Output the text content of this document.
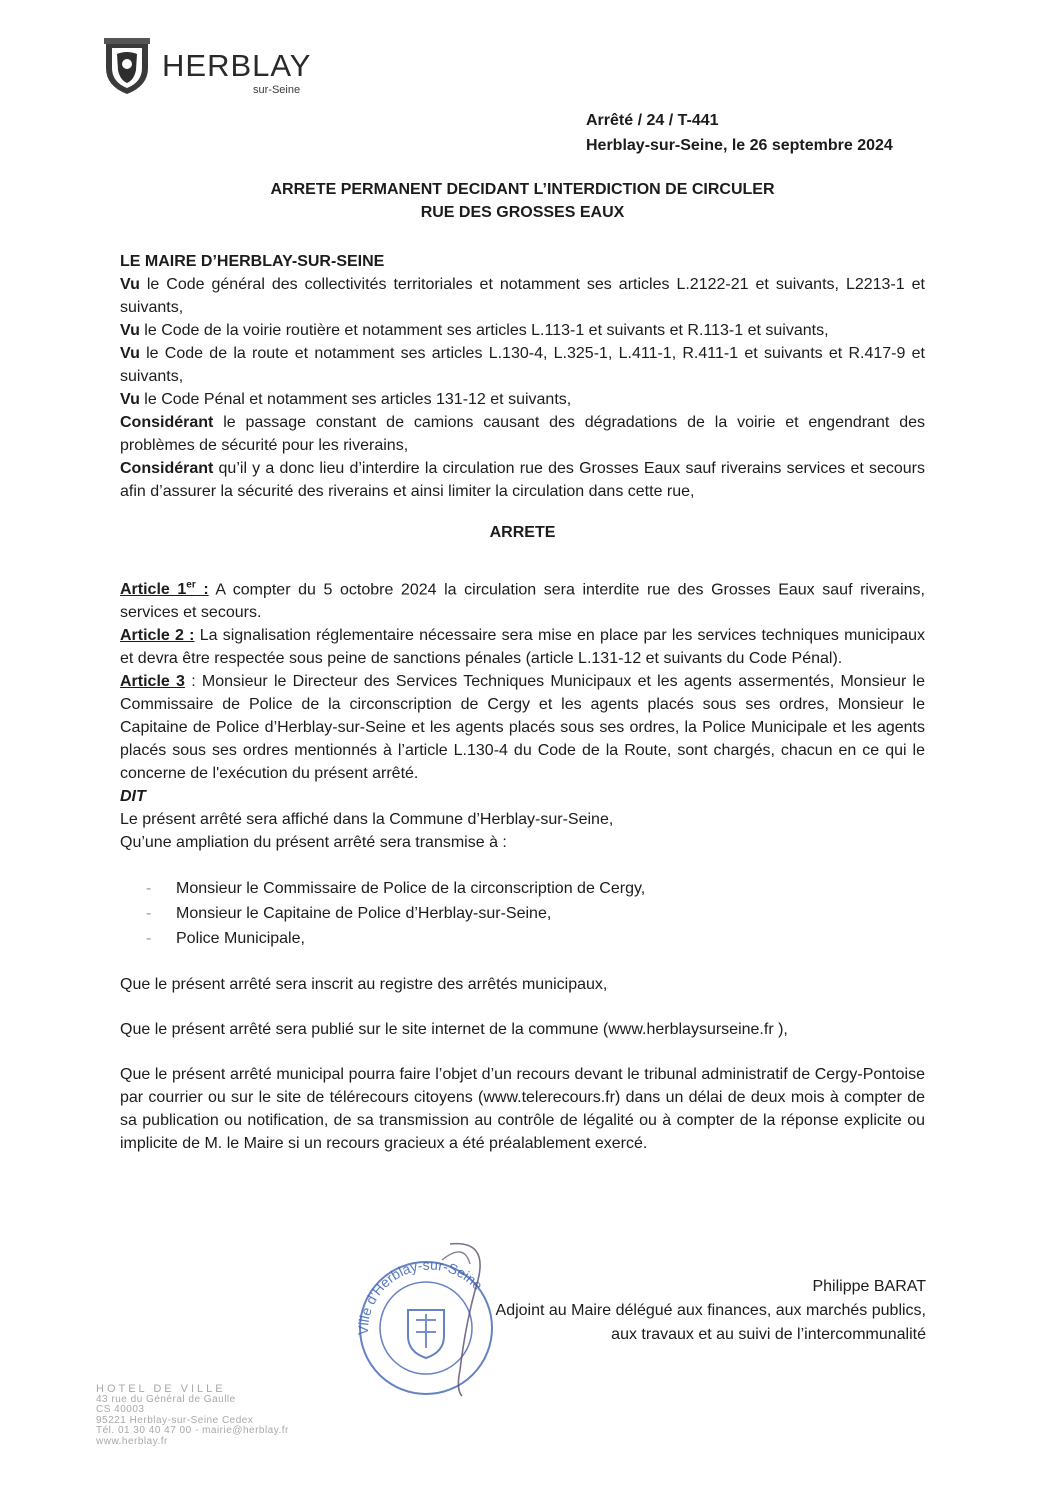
HERBLAY
sur-Seine
Arrêté / 24 / T-441
Herblay-sur-Seine, le 26 septembre 2024
ARRETE PERMANENT DECIDANT L’INTERDICTION DE CIRCULER
RUE DES GROSSES EAUX

LE MAIRE D’HERBLAY-SUR-SEINE

Vu le Code général des collectivités territoriales et notamment ses articles L.2122-21 et suivants, L2213-1 et suivants,

Vu le Code de la voirie routière et notamment ses articles L.113-1 et suivants et R.113-1 et suivants,

Vu le Code de la route et notamment ses articles L.130-4, L.325-1, L.411-1, R.411-1 et suivants et R.417-9 et suivants,

Vu le Code Pénal et notamment ses articles 131-12 et suivants,

Considérant le passage constant de camions causant des dégradations de la voirie et engendrant des problèmes de sécurité pour les riverains,

Considérant qu’il y a donc lieu d’interdire la circulation rue des Grosses Eaux sauf riverains services et secours afin d’assurer la sécurité des riverains et ainsi limiter la circulation dans cette rue,

ARRETE

Article 1er : A compter du 5 octobre 2024 la circulation sera interdite rue des Grosses Eaux sauf riverains, services et secours.

Article 2 : La signalisation réglementaire nécessaire sera mise en place par les services techniques municipaux et devra être respectée sous peine de sanctions pénales (article L.131-12 et suivants du Code Pénal).

Article 3 : Monsieur le Directeur des Services Techniques Municipaux et les agents assermentés, Monsieur le Commissaire de Police de la circonscription de Cergy et les agents placés sous ses ordres, Monsieur le Capitaine de Police d’Herblay-sur-Seine et les agents placés sous ses ordres, la Police Municipale et les agents placés sous ses ordres mentionnés à l’article L.130-4 du Code de la Route, sont chargés, chacun en ce qui le concerne de l'exécution du présent arrêté.

DIT

Le présent arrêté sera affiché dans la Commune d’Herblay-sur-Seine,

Qu’une ampliation du présent arrêté sera transmise à :

-	Monsieur le Commissaire de Police de la circonscription de Cergy,
-	Monsieur le Capitaine de Police d’Herblay-sur-Seine,
-	Police Municipale,

Que le présent arrêté sera inscrit au registre des arrêtés municipaux,

Que le présent arrêté sera publié sur le site internet de la commune (www.herblaysurseine.fr ),

Que le présent arrêté municipal pourra faire l’objet d’un recours devant le tribunal administratif de Cergy-Pontoise par courrier ou sur le site de télérecours citoyens (www.telerecours.fr) dans un délai de deux mois à compter de sa publication ou notification, de sa transmission au contrôle de légalité ou à compter de la réponse explicite ou implicite de M. le Maire si un recours gracieux a été préalablement exercé.

Ville d'Herblay-sur-Seine	Philippe BARAT
Adjoint au Maire délégué aux finances, aux marchés publics,
aux travaux et au suivi de l’intercommunalité
HOTEL DE VILLE
43 rue du Général de Gaulle
CS 40003
95221 Herblay-sur-Seine Cedex
Tél. 01 30 40 47 00 - mairie@herblay.fr
www.herblay.fr
